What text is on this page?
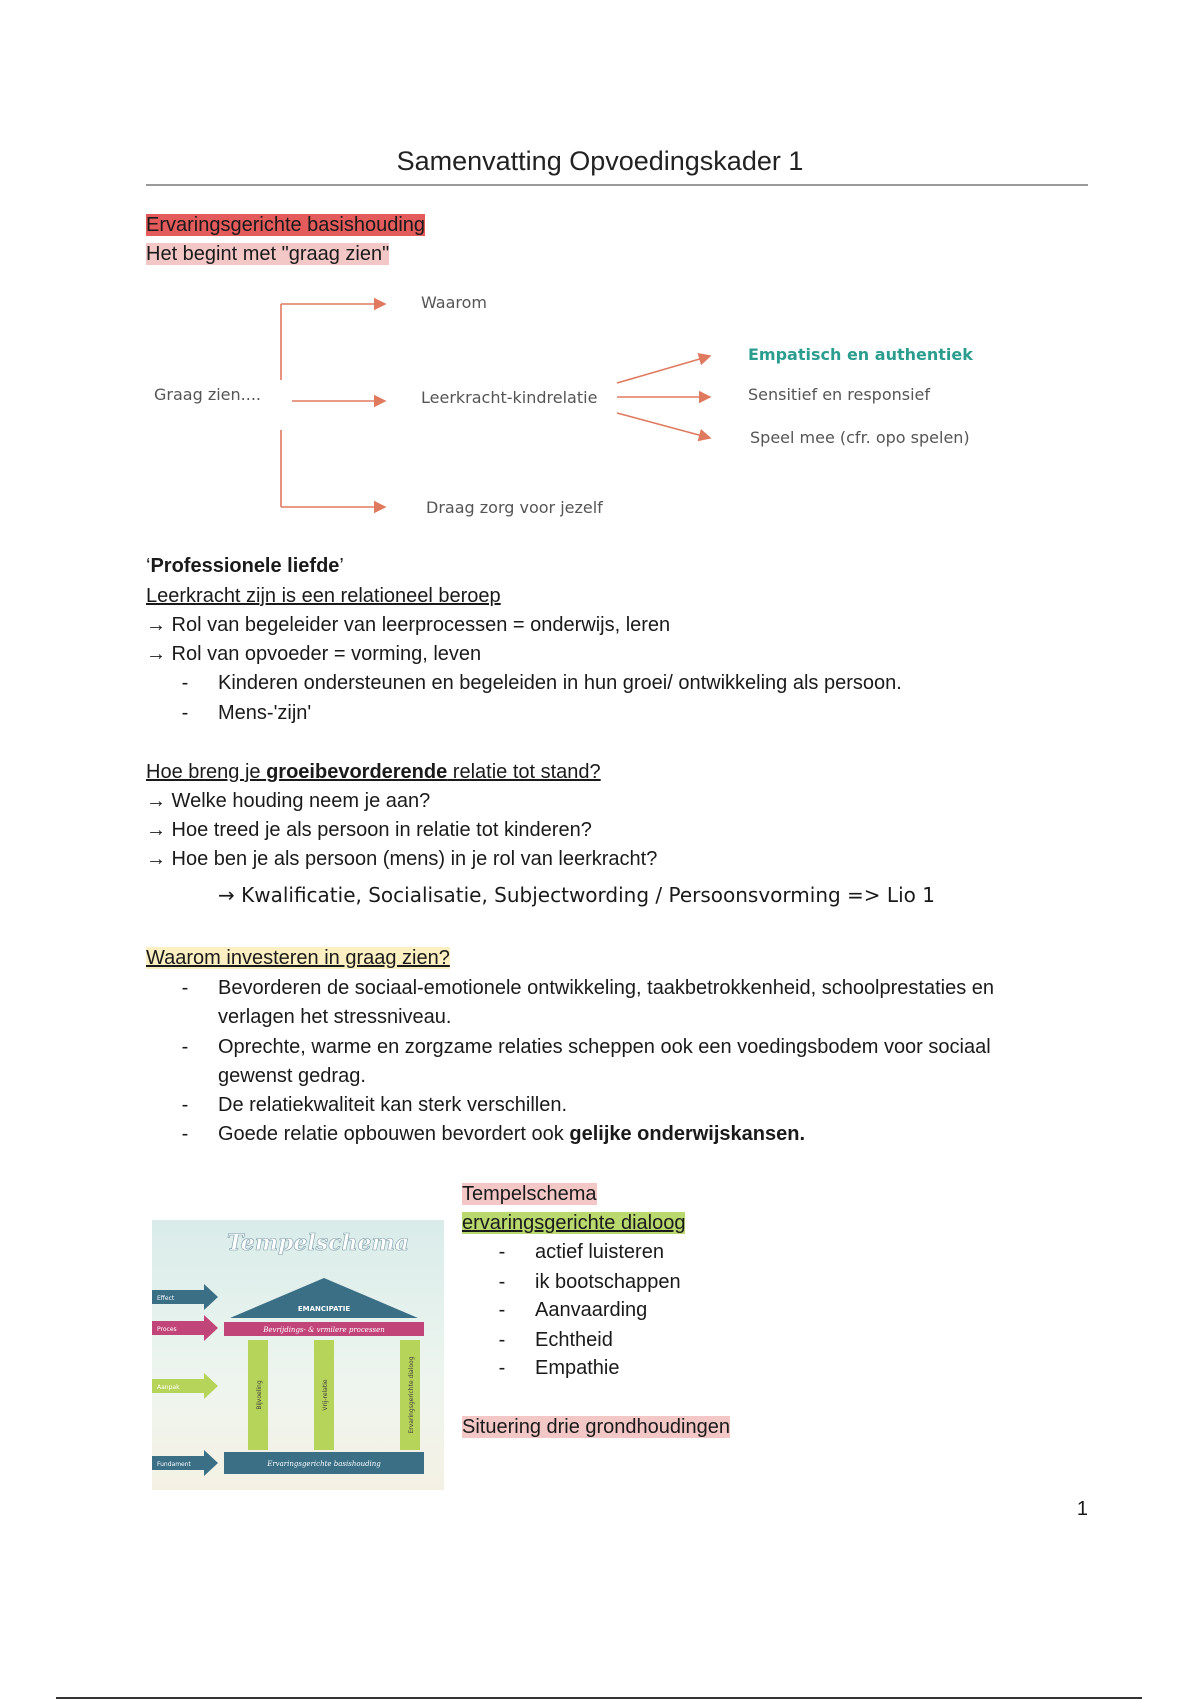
Samenvatting Opvoedingskader 1
Ervaringsgerichte basishouding
Het begint met "graag zien"
Graag zien....
Waarom
Leerkracht-kindrelatie
Draag zorg voor jezelf
Empatisch en authentiek
Sensitief en responsief
Speel mee (cfr. opo spelen)
‘Professionele liefde’
Leerkracht zijn is een relationeel beroep
→ Rol van begeleider van leerprocessen = onderwijs, leren
→ Rol van opvoeder = vorming, leven
-	Kinderen ondersteunen en begeleiden in hun groei/ ontwikkeling als persoon.
-	Mens-'zijn'
Hoe breng je groeibevorderende relatie tot stand?
→ Welke houding neem je aan?
→ Hoe treed je als persoon in relatie tot kinderen?
→ Hoe ben je als persoon (mens) in je rol van leerkracht?
→ Kwalificatie, Socialisatie, Subjectwording / Persoonsvorming => Lio 1
Waarom investeren in graag zien?
-	Bevorderen de sociaal-emotionele ontwikkeling, taakbetrokkenheid, schoolprestaties en
verlagen het stressniveau.
-	Oprechte, warme en zorgzame relaties scheppen ook een voedingsbodem voor sociaal
gewenst gedrag.
-	De relatiekwaliteit kan sterk verschillen.
-	Goede relatie opbouwen bevordert ook gelijke onderwijskansen.
Tempelschema
EMANCIPATIE
Bevrijdings- & vrmilere processen
Bijvoeling	Vrij-relatie	Ervaringsgerichte dialoog
Ervaringsgerichte basishouding
Effect
Proces
Aanpak
Fundament
Tempelschema
ervaringsgerichte dialoog
-	actief luisteren
-	ik bootschappen
-	Aanvaarding
-	Echtheid
-	Empathie
Situering drie grondhoudingen
1
